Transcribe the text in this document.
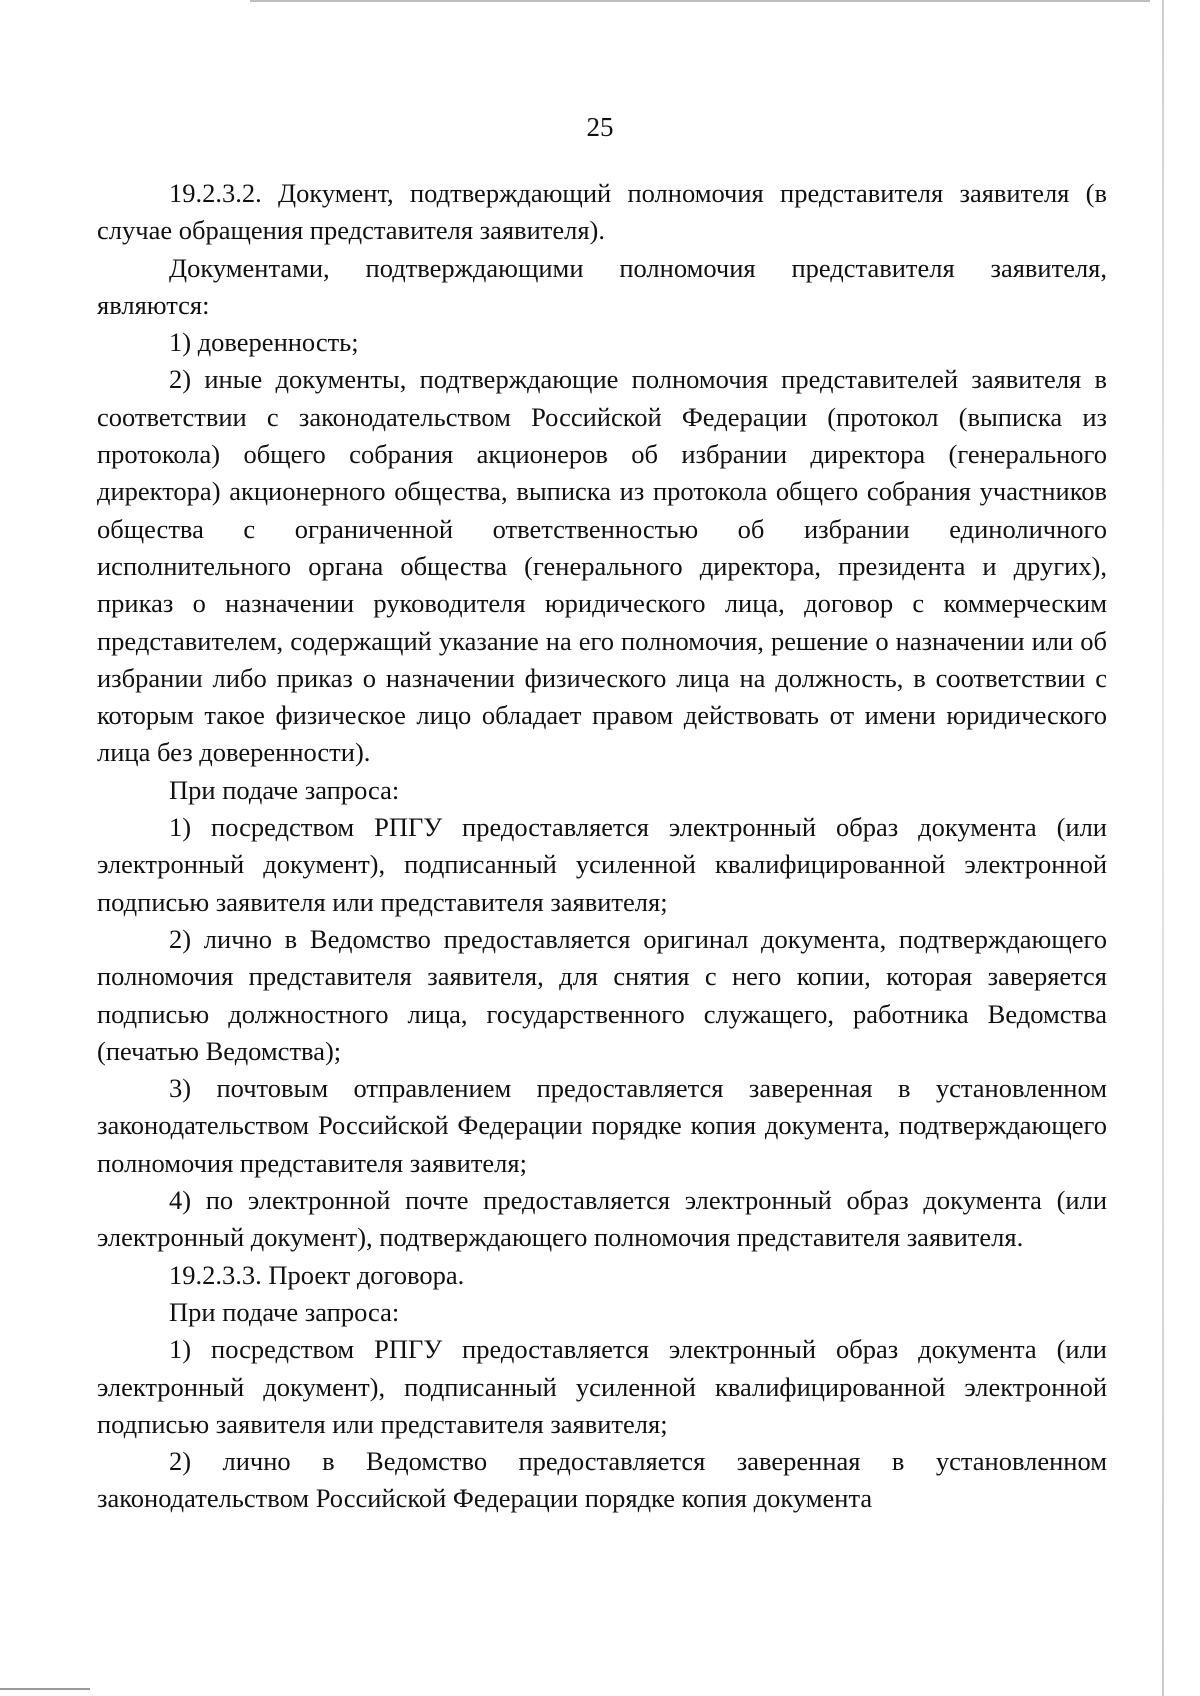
25

19.2.3.2. Документ, подтверждающий полномочия представителя заявителя (в случае обращения представителя заявителя).

Документами, подтверждающими полномочия представителя заявителя, являются:

1) доверенность;

2) иные документы, подтверждающие полномочия представителей заявителя в соответствии с законодательством Российской Федерации (протокол (выписка из протокола) общего собрания акционеров об избрании директора (генерального директора) акционерного общества, выписка из протокола общего собрания участников общества с ограниченной ответственностью об избрании единоличного исполнительного органа общества (генерального директора, президента и других), приказ о назначении руководителя юридического лица, договор с коммерческим представителем, содержащий указание на его полномочия, решение о назначении или об избрании либо приказ о назначении физического лица на должность, в соответствии с которым такое физическое лицо обладает правом действовать от имени юридического лица без доверенности).

При подаче запроса:

1) посредством РПГУ предоставляется электронный образ документа (или электронный документ), подписанный усиленной квалифицированной электронной подписью заявителя или представителя заявителя;

2) лично в Ведомство предоставляется оригинал документа, подтверждающего полномочия представителя заявителя, для снятия с него копии, которая заверяется подписью должностного лица, государственного служащего, работника Ведомства (печатью Ведомства);

3) почтовым отправлением предоставляется заверенная в установленном законодательством Российской Федерации порядке копия документа, подтверждающего полномочия представителя заявителя;

4) по электронной почте предоставляется электронный образ документа (или электронный документ), подтверждающего полномочия представителя заявителя.

19.2.3.3. Проект договора.

При подаче запроса:

1) посредством РПГУ предоставляется электронный образ документа (или электронный документ), подписанный усиленной квалифицированной электронной подписью заявителя или представителя заявителя;

2) лично в Ведомство предоставляется заверенная в установленном законодательством Российской Федерации порядке копия документа
